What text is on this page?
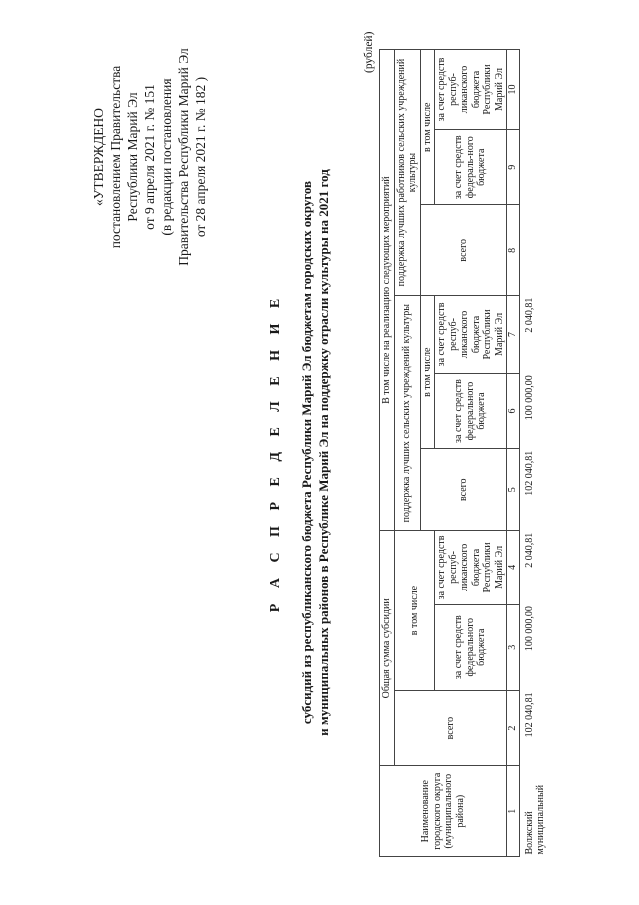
«УТВЕРЖДЕНО постановлением Правительства Республики Марий Эл от 9 апреля 2021 г. № 151 (в редакции постановления Правительства Республики Марий Эл от 28 апреля 2021 г. № 182 )
Р А С П Р Е Д Е Л Е Н И Е субсидий из республиканского бюджета Республики Марий Эл бюджетам городских округов и муниципальных районов в Республике Марий Эл на поддержку отрасли культуры на 2021 год
(рублей)
Наименование городского округа (муниципального района)	Общая сумма субсидии			В том числе на реализацию следующих мероприятий					
	всего	в том числе		поддержка лучших сельских учреждений культуры			поддержка лучших работников сельских учреждений культуры		
				всего	в том числе		всего	в том числе	
		за счет средств федерального бюджета	за счет средств респуб-ликанского бюджета Республики Марий Эл		за счет средств федерального бюджета	за счет средств респуб-ликанского бюджета Республики Марий Эл		за счет средств федераль-ного бюджета	за счет средств респуб-ликанского бюджета Республики Марий Эл
1	2	3	4	5	6	7	8	9	10
Волжский муниципальный	102 040,81	100 000,00	2 040,81	102 040,81	100 000,00	2 040,81			
